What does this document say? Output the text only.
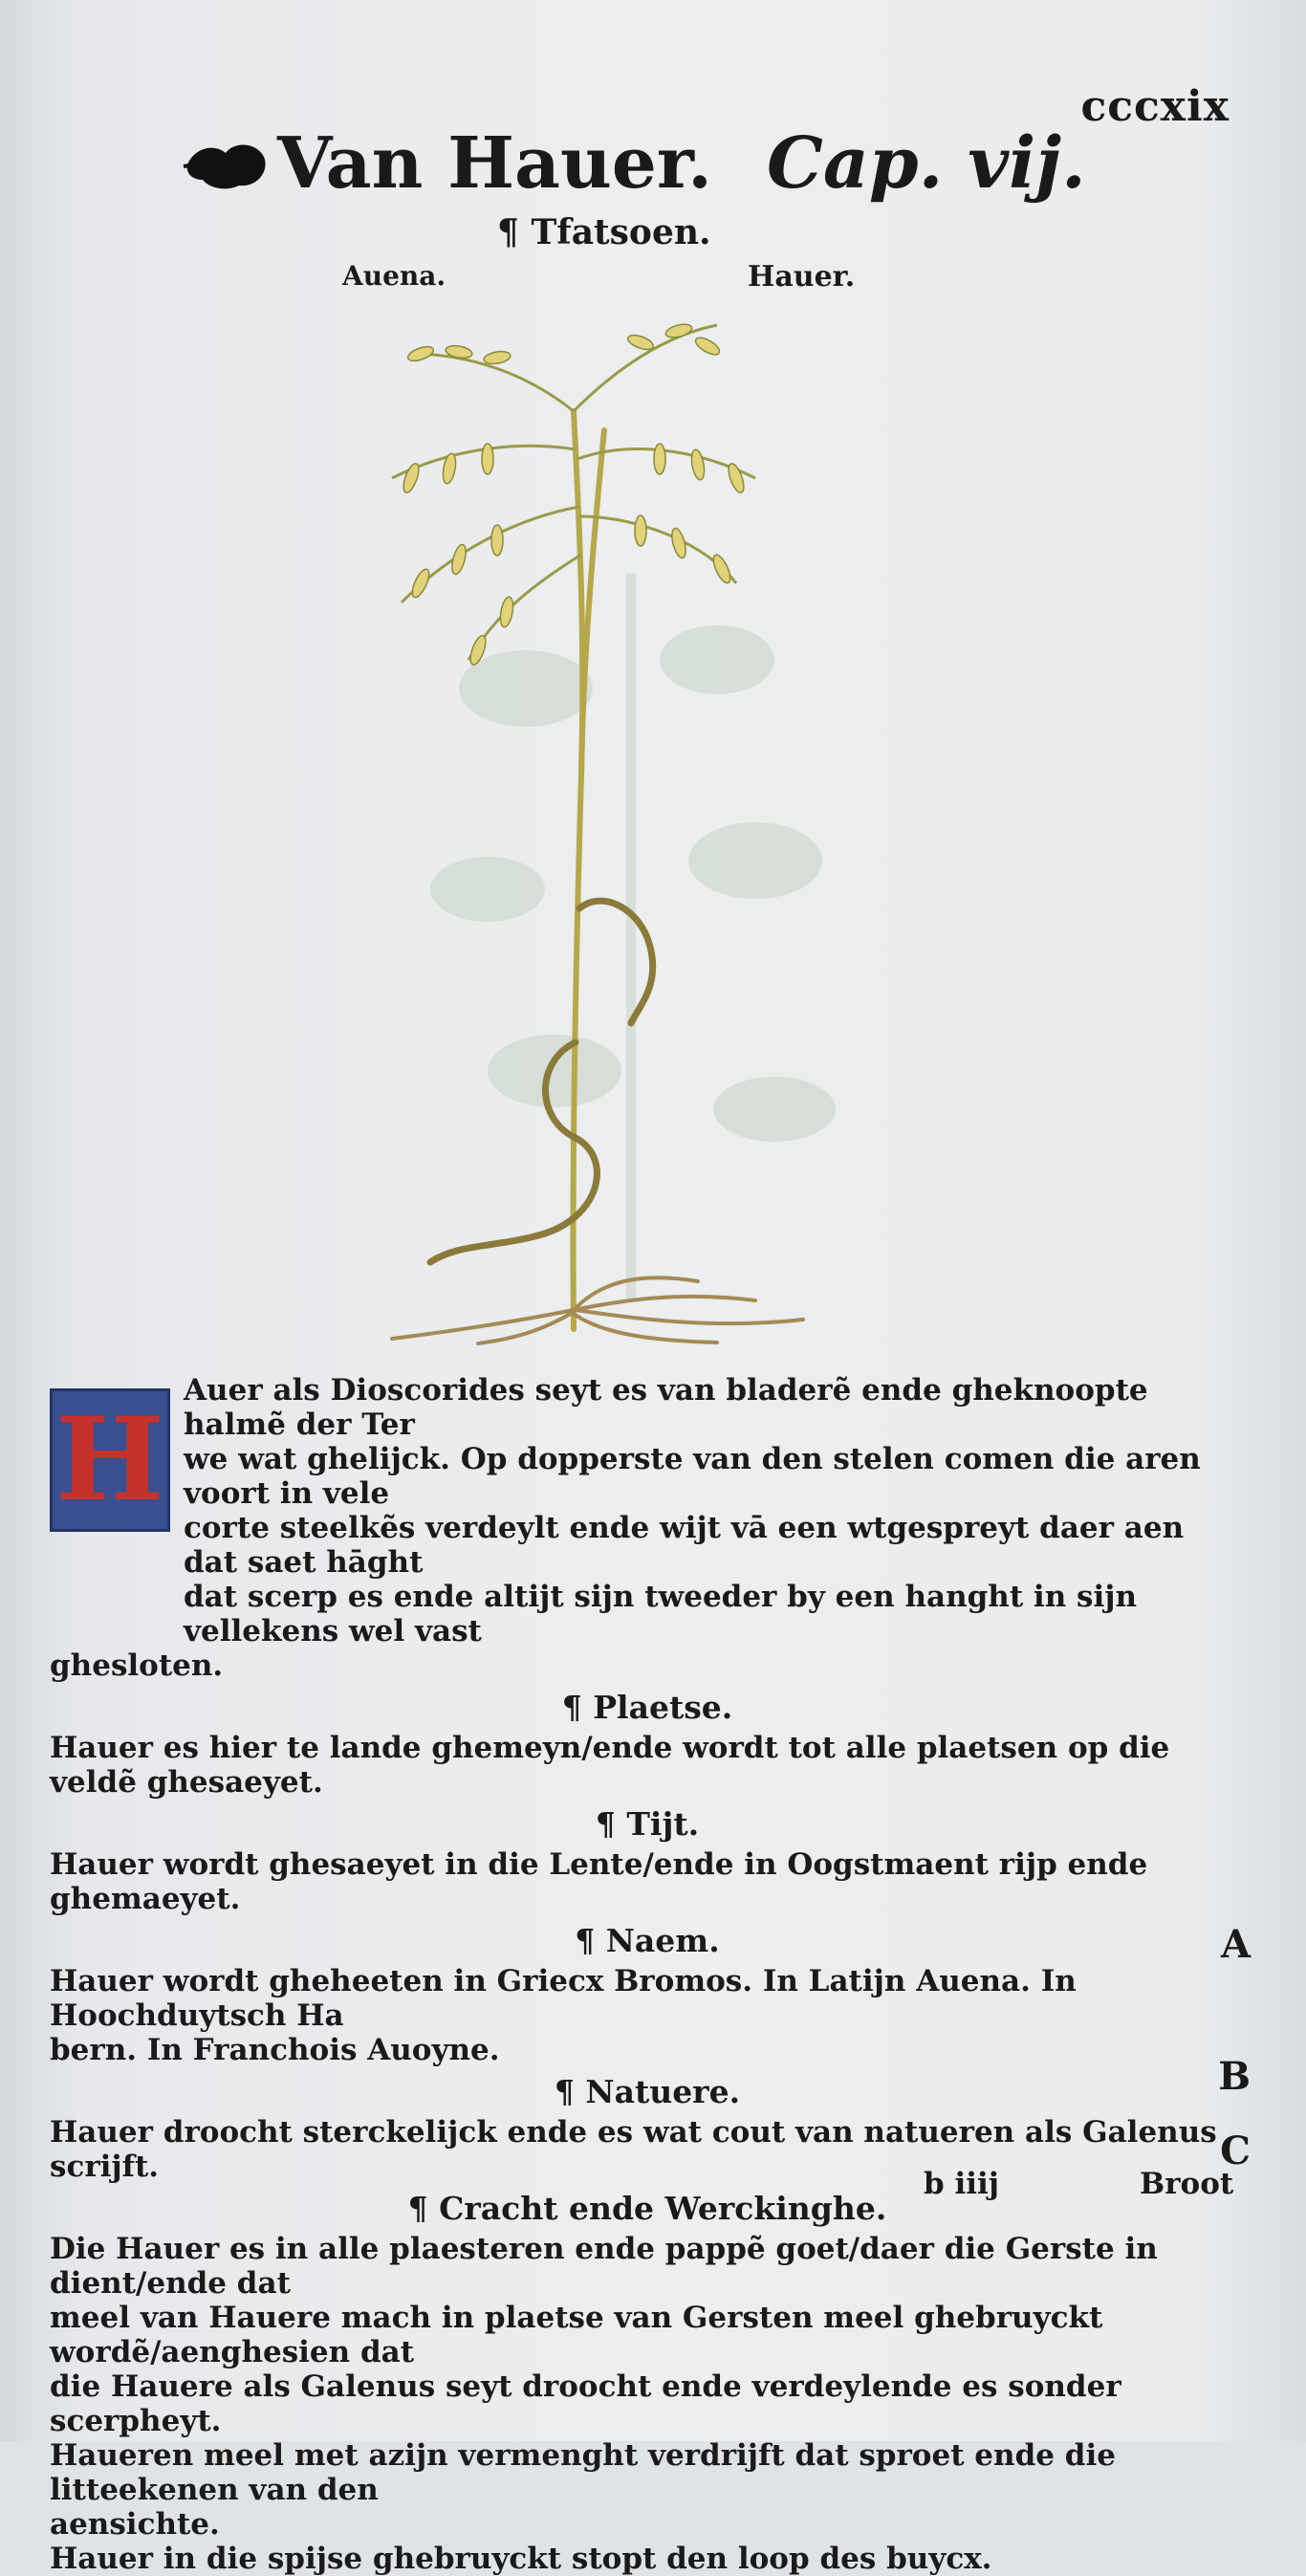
cccxix
Van Hauer. Cap. vij.
¶ Tfatsoen.
Auena.	Hauer.
H

Auer als Dioscorides seyt es van bladerẽ ende gheknoopte halmẽ der Ter

we wat ghelijck. Op dopperste van den stelen comen die aren voort in vele

corte steelkẽs verdeylt ende wijt vā een wtgespreyt daer aen dat saet hāght

dat scerp es ende altijt sijn tweeder by een hanght in sijn vellekens wel vast

ghesloten.

¶ Plaetse.

Hauer es hier te lande ghemeyn/ende wordt tot alle plaetsen op die veldẽ ghesaeyet.

¶ Tijt.

Hauer wordt ghesaeyet in die Lente/ende in Oogstmaent rijp ende ghemaeyet.

¶ Naem.

Hauer wordt gheheeten in Griecx Bromos. In Latijn Auena. In Hoochduytsch Ha

bern. In Franchois Auoyne.

¶ Natuere.

Hauer droocht sterckelijck ende es wat cout van natueren als Galenus scrijft.

¶ Cracht ende Werckinghe.

Die Hauer es in alle plaesteren ende pappẽ goet/daer die Gerste in dient/ende dat

meel van Hauere mach in plaetse van Gersten meel ghebruyckt wordẽ/aenghesien dat

die Hauere als Galenus seyt droocht ende verdeylende es sonder scerpheyt.

Haueren meel met azijn vermenght verdrijft dat sproet ende die litteekenen van den

aensichte.

Hauer in die spijse ghebruyckt stopt den loop des buycx.

A
B
C
b iiij	Broot
